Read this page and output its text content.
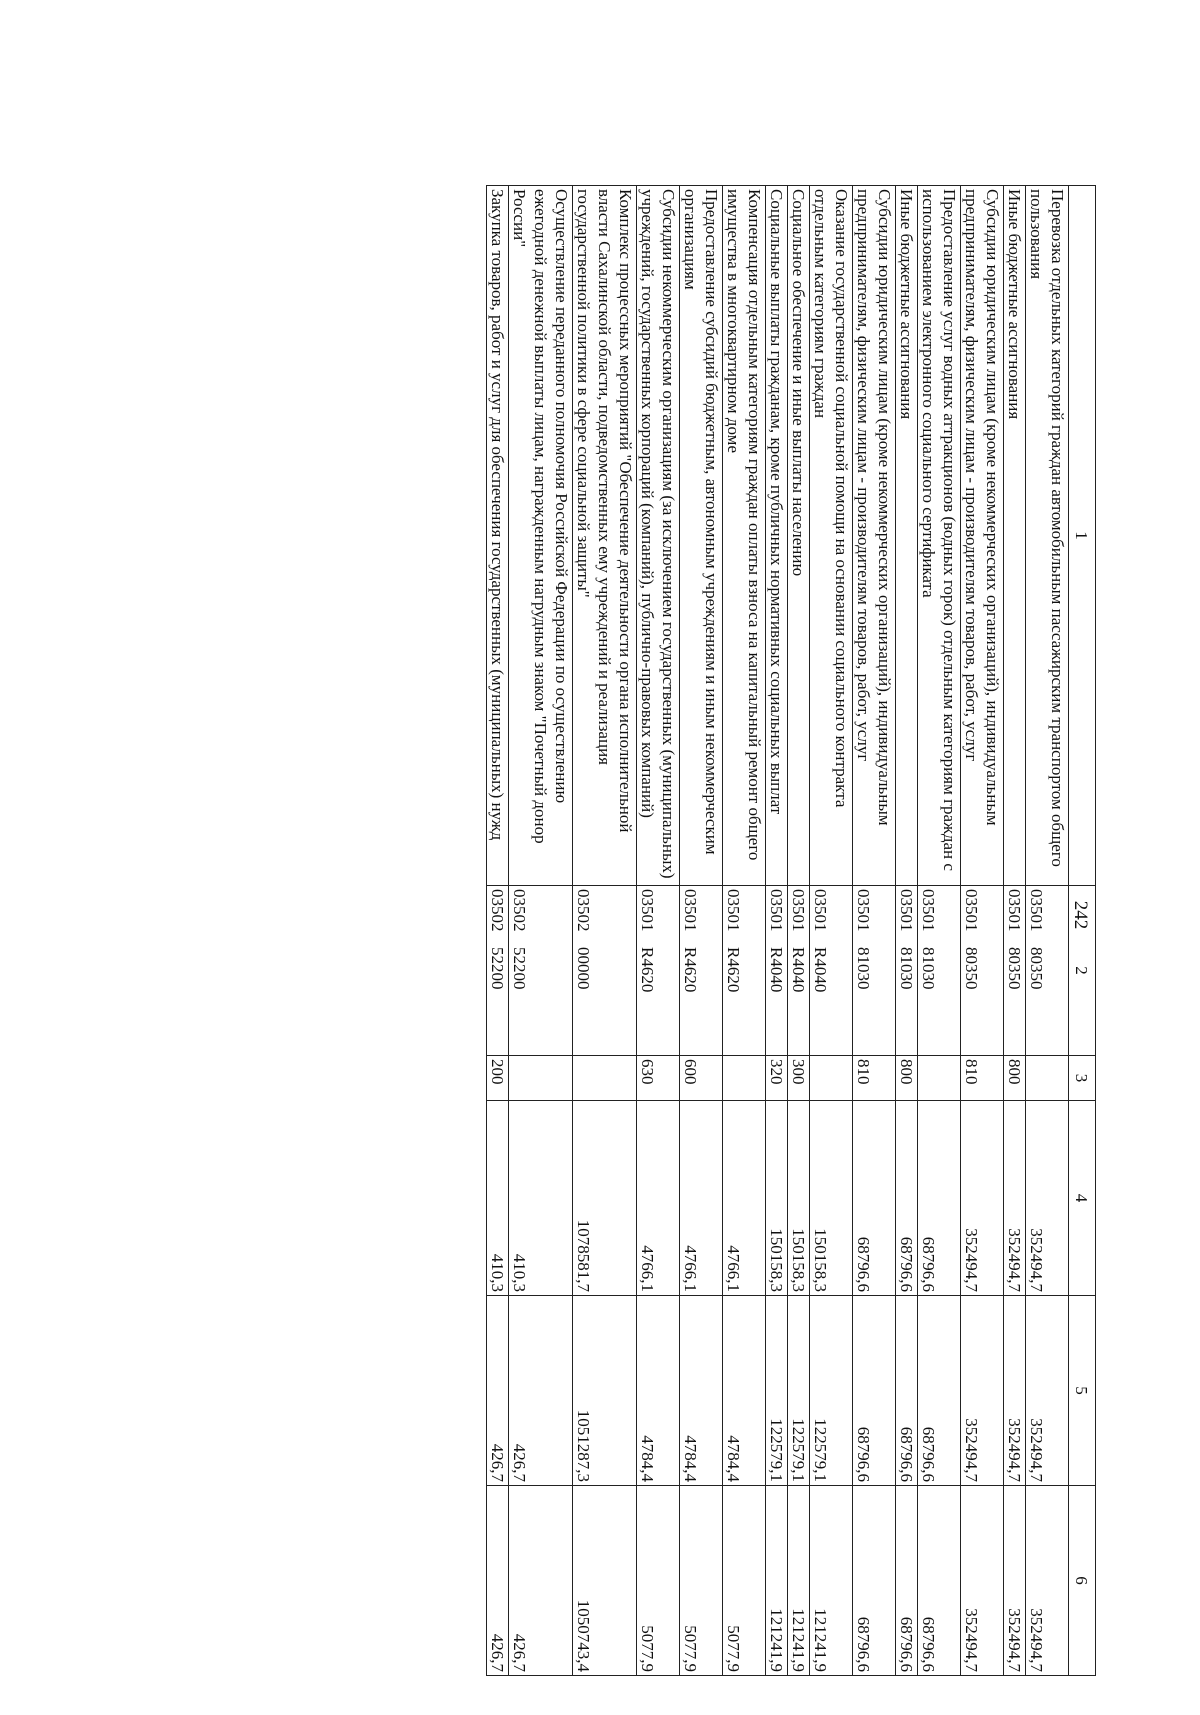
242
1	2	3	4	5	6
Перевозка отдельных категорий граждан автомобильным пассажирским транспортом общего пользования	0350180350		352494,7	352494,7	352494,7
Иные бюджетные ассигнования	0350180350	800	352494,7	352494,7	352494,7
Субсидии юридическим лицам (кроме некоммерческих организаций), индивидуальным предпринимателям, физическим лицам - производителям товаров, работ, услуг	0350180350	810	352494,7	352494,7	352494,7
Предоставление услуг водных аттракционов (водных горок) отдельным категориям граждан с использованием электронного социального сертификата	0350181030		68796,6	68796,6	68796,6
Иные бюджетные ассигнования	0350181030	800	68796,6	68796,6	68796,6
Субсидии юридическим лицам (кроме некоммерческих организаций), индивидуальным предпринимателям, физическим лицам - производителям товаров, работ, услуг	0350181030	810	68796,6	68796,6	68796,6
Оказание государственной социальной помощи на основании социального контракта отдельным категориям граждан	03501R4040		150158,3	122579,1	121241,9
Социальное обеспечение и иные выплаты населению	03501R4040	300	150158,3	122579,1	121241,9
Социальные выплаты гражданам, кроме публичных нормативных социальных выплат	03501R4040	320	150158,3	122579,1	121241,9
Компенсация отдельным категориям граждан оплаты взноса на капитальный ремонт общего имущества в многоквартирном доме	03501R4620		4766,1	4784,4	5077,9
Предоставление субсидий бюджетным, автономным учреждениям и иным некоммерческим организациям	03501R4620	600	4766,1	4784,4	5077,9
Субсидии некоммерческим организациям (за исключением государственных (муниципальных) учреждений, государственных корпораций (компаний), публично-правовых компаний)	03501R4620	630	4766,1	4784,4	5077,9
Комплекс процессных мероприятий "Обеспечение деятельности органа исполнительной власти Сахалинской области, подведомственных ему учреждений и реализация государственной политики в сфере социальной защиты"	0350200000		1078581,7	1051287,3	1050743,4
Осуществление переданного полномочия Российской Федерации по осуществлению ежегодной денежной выплаты лицам, награжденным нагрудным знаком "Почетный донор России"	0350252200		410,3	426,7	426,7
Закупка товаров, работ и услуг для обеспечения государственных (муниципальных) нужд	0350252200	200	410,3	426,7	426,7
